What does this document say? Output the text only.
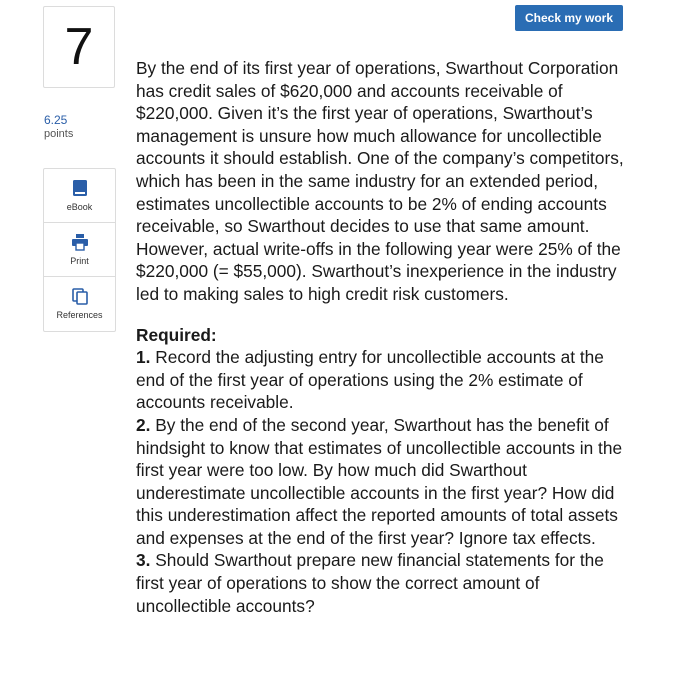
Check my work
7
6.25
points
eBook
Print
References

By the end of its first year of operations, Swarthout Corporation has credit sales of $620,000 and accounts receivable of $220,000. Given it’s the first year of operations, Swarthout’s management is unsure how much allowance for uncollectible accounts it should establish. One of the company’s competitors, which has been in the same industry for an extended period, estimates uncollectible accounts to be 2% of ending accounts receivable, so Swarthout decides to use that same amount. However, actual write-offs in the following year were 25% of the $220,000 (= $55,000). Swarthout’s inexperience in the industry led to making sales to high credit risk customers.

Required:

1. Record the adjusting entry for uncollectible accounts at the end of the first year of operations using the 2% estimate of accounts receivable.

2. By the end of the second year, Swarthout has the benefit of hindsight to know that estimates of uncollectible accounts in the first year were too low. By how much did Swarthout underestimate uncollectible accounts in the first year? How did this underestimation affect the reported amounts of total assets and expenses at the end of the first year? Ignore tax effects.

3. Should Swarthout prepare new financial statements for the first year of operations to show the correct amount of uncollectible accounts?
